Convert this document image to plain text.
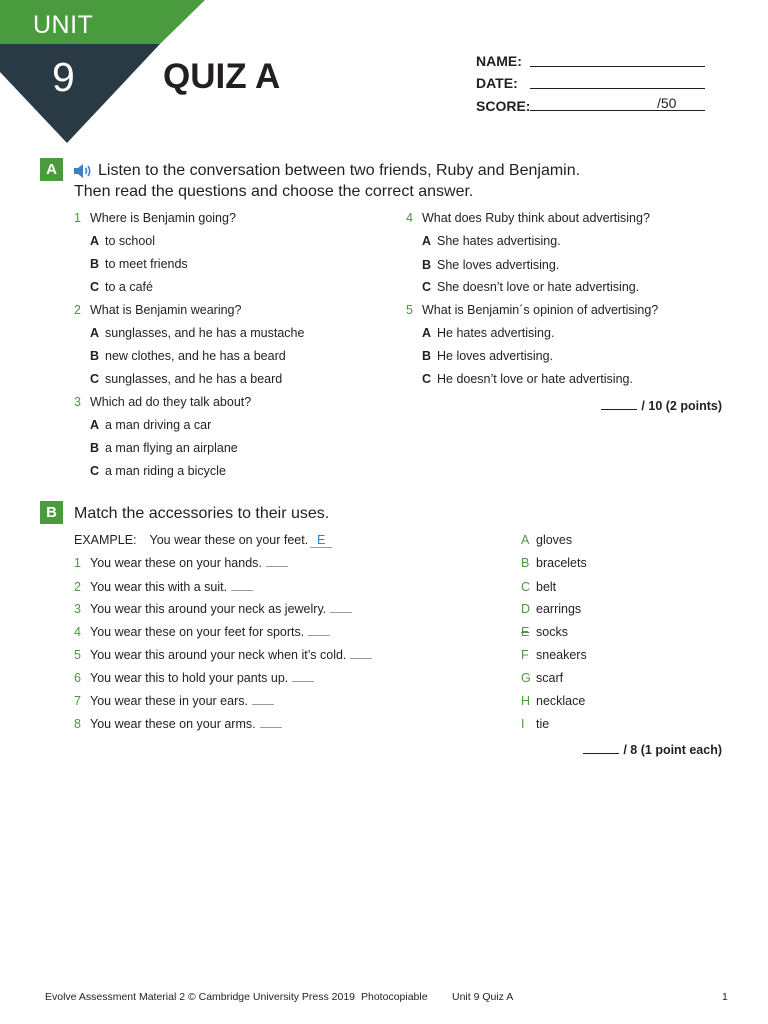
UNIT
9	QUIZ A	NAME:
DATE:
SCORE:	/50
A	Listen to the conversation between two friends, Ruby and Benjamin.
Then read the questions and choose the correct answer.
1 Where is Benjamin going?
A to school
B to meet friends
C to a café
2 What is Benjamin wearing?
A sunglasses, and he has a mustache
B new clothes, and he has a beard
C sunglasses, and he has a beard
3 Which ad do they talk about?
A a man driving a car
B a man flying an airplane
C a man riding a bicycle
4 What does Ruby think about advertising?
A She hates advertising.
B She loves advertising.
C She doesn’t love or hate advertising.
5 What is Benjamin´s opinion of advertising?
A He hates advertising.
B He loves advertising.
C He doesn’t love or hate advertising.
/ 10 (2 points)
B	Match the accessories to their uses.
EXAMPLE: You wear these on your feet. E
1 You wear these on your hands.
2 You wear this with a suit.
3 You wear this around your neck as jewelry.
4 You wear these on your feet for sports.
5 You wear this around your neck when it’s cold.
6 You wear this to hold your pants up.
7 You wear these in your ears.
8 You wear these on your arms.
A gloves
B bracelets
C belt
D earrings
E socks
F sneakers
G scarf
H necklace
I tie
/ 8 (1 point each)
Evolve Assessment Material 2 © Cambridge University Press 2019 Photocopiable Unit 9 Quiz A	1
